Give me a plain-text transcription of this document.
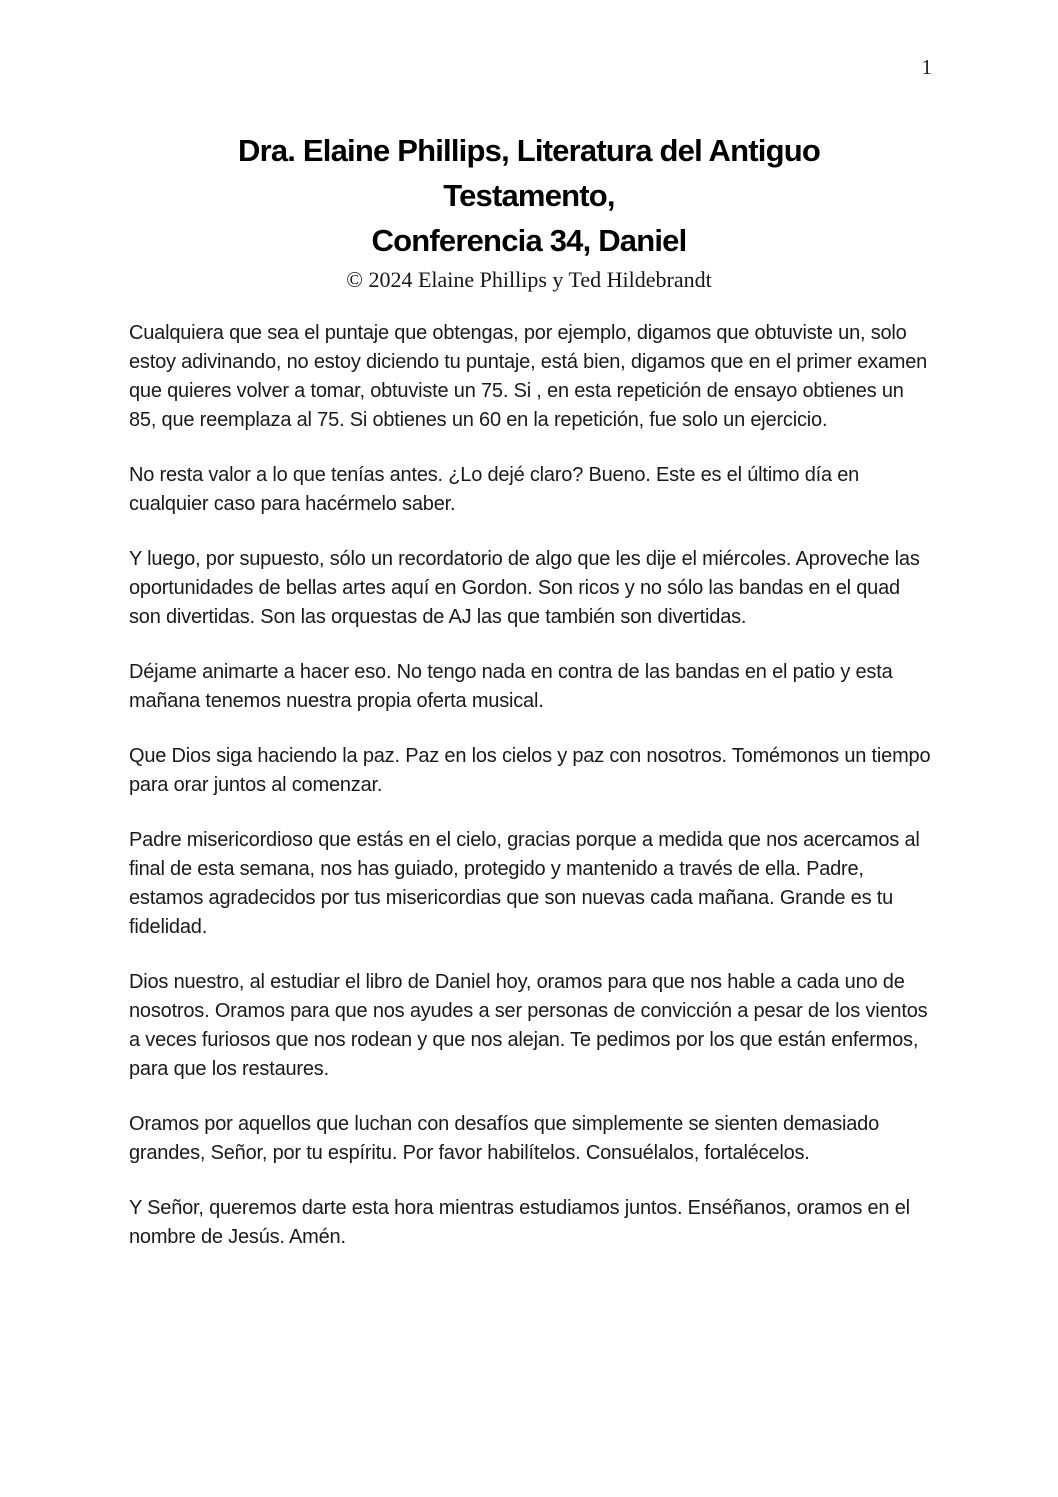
1
Dra. Elaine Phillips, Literatura del Antiguo
Testamento,
Conferencia 34, Daniel
© 2024 Elaine Phillips y Ted Hildebrandt

Cualquiera que sea el puntaje que obtengas, por ejemplo, digamos que obtuviste un, solo estoy adivinando, no estoy diciendo tu puntaje, está bien, digamos que en el primer examen que quieres volver a tomar, obtuviste un 75. Si , en esta repetición de ensayo obtienes un 85, que reemplaza al 75. Si obtienes un 60 en la repetición, fue solo un ejercicio.

No resta valor a lo que tenías antes. ¿Lo dejé claro? Bueno. Este es el último día en cualquier caso para hacérmelo saber.

Y luego, por supuesto, sólo un recordatorio de algo que les dije el miércoles. Aproveche las oportunidades de bellas artes aquí en Gordon. Son ricos y no sólo las bandas en el quad son divertidas. Son las orquestas de AJ las que también son divertidas.

Déjame animarte a hacer eso. No tengo nada en contra de las bandas en el patio y esta mañana tenemos nuestra propia oferta musical.

Que Dios siga haciendo la paz. Paz en los cielos y paz con nosotros. Tomémonos un tiempo para orar juntos al comenzar.

Padre misericordioso que estás en el cielo, gracias porque a medida que nos acercamos al final de esta semana, nos has guiado, protegido y mantenido a través de ella. Padre, estamos agradecidos por tus misericordias que son nuevas cada mañana. Grande es tu fidelidad.

Dios nuestro, al estudiar el libro de Daniel hoy, oramos para que nos hable a cada uno de nosotros. Oramos para que nos ayudes a ser personas de convicción a pesar de los vientos a veces furiosos que nos rodean y que nos alejan. Te pedimos por los que están enfermos, para que los restaures.

Oramos por aquellos que luchan con desafíos que simplemente se sienten demasiado grandes, Señor, por tu espíritu. Por favor habilítelos. Consuélalos, fortalécelos.

Y Señor, queremos darte esta hora mientras estudiamos juntos. Enséñanos, oramos en el nombre de Jesús. Amén.
